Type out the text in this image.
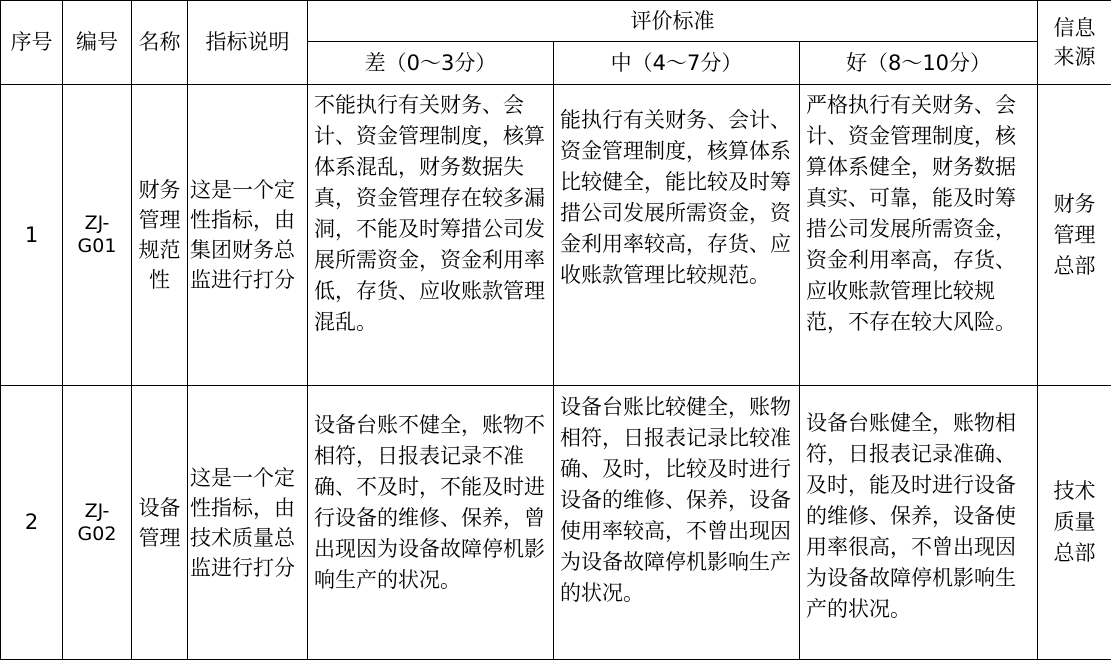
序号	编号	名称	指标说明	评价标准			信息来源
				差（0～3分）	中（4～7分）	好（8～10分）	
1	ZJ-G01	财务管理规范性	这是一个定性指标，由集团财务总监进行打分	不能执行有关财务、会计、资金管理制度，核算体系混乱，财务数据失真，资金管理存在较多漏洞，不能及时筹措公司发展所需资金，资金利用率低，存货、应收账款管理混乱。	能执行有关财务、会计、资金管理制度，核算体系比较健全，能比较及时筹措公司发展所需资金，资金利用率较高，存货、应收账款管理比较规范。	严格执行有关财务、会计、资金管理制度，核算体系健全，财务数据真实、可靠，能及时筹措公司发展所需资金，资金利用率高，存货、应收账款管理比较规范，不存在较大风险。	财务管理总部
2	ZJ-G02	设备管理	这是一个定性指标，由技术质量总监进行打分	设备台账不健全，账物不相符，日报表记录不准确、不及时，不能及时进行设备的维修、保养，曾出现因为设备故障停机影响生产的状况。	设备台账比较健全，账物相符，日报表记录比较准确、及时，比较及时进行设备的维修、保养，设备使用率较高，不曾出现因为设备故障停机影响生产的状况。	设备台账健全，账物相符，日报表记录准确、及时，能及时进行设备的维修、保养，设备使用率很高，不曾出现因为设备故障停机影响生产的状况。	技术质量总部
